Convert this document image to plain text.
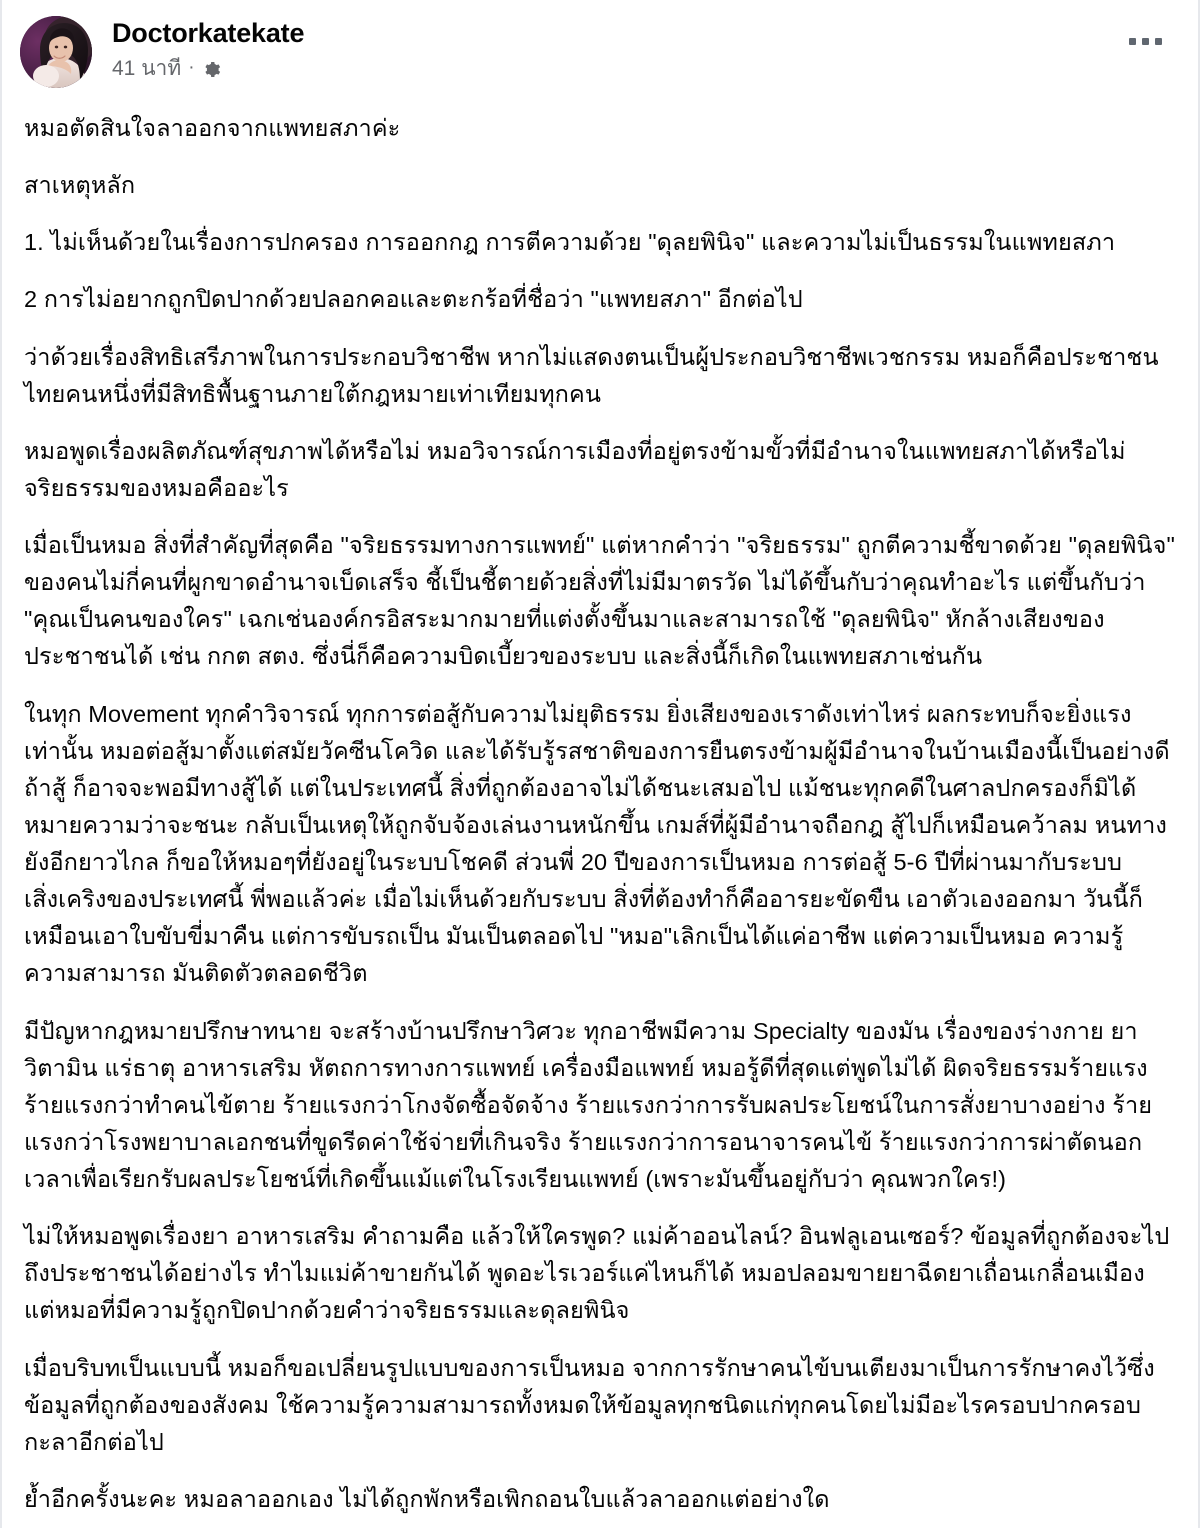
Doctorkatekate
41 นาที ·

หมอตัดสินใจลาออกจากแพทยสภาค่ะ

สาเหตุหลัก

1. ไม่เห็นด้วยในเรื่องการปกครอง การออกกฎ การตีความด้วย "ดุลยพินิจ" และความไม่เป็นธรรมในแพทยสภา

2 การไม่อยากถูกปิดปากด้วยปลอกคอและตะกร้อที่ชื่อว่า "แพทยสภา" อีกต่อไป

ว่าด้วยเรื่องสิทธิเสรีภาพในการประกอบวิชาชีพ หากไม่แสดงตนเป็นผู้ประกอบวิชาชีพเวชกรรม หมอก็คือประชาชนไทยคนหนึ่งที่มีสิทธิพื้นฐานภายใต้กฎหมายเท่าเทียมทุกคน

หมอพูดเรื่องผลิตภัณฑ์สุขภาพได้หรือไม่ หมอวิจารณ์การเมืองที่อยู่ตรงข้ามขั้วที่มีอำนาจในแพทยสภาได้หรือไม่ จริยธรรมของหมอคืออะไร

เมื่อเป็นหมอ สิ่งที่สำคัญที่สุดคือ "จริยธรรมทางการแพทย์" แต่หากคำว่า "จริยธรรม" ถูกตีความชี้ขาดด้วย "ดุลยพินิจ" ของคนไม่กี่คนที่ผูกขาดอำนาจเบ็ดเสร็จ ชี้เป็นชี้ตายด้วยสิ่งที่ไม่มีมาตรวัด ไม่ได้ขึ้นกับว่าคุณทำอะไร แต่ขึ้นกับว่า "คุณเป็นคนของใคร" เฉกเช่นองค์กรอิสระมากมายที่แต่งตั้งขึ้นมาและสามารถใช้ "ดุลยพินิจ" หักล้างเสียงของประชาชนได้ เช่น กกต สตง. ซึ่งนี่ก็คือความบิดเบี้ยวของระบบ และสิ่งนี้ก็เกิดในแพทยสภาเช่นกัน

ในทุก Movement ทุกคำวิจารณ์ ทุกการต่อสู้กับความไม่ยุติธรรม ยิ่งเสียงของเราดังเท่าไหร่ ผลกระทบก็จะยิ่งแรงเท่านั้น หมอต่อสู้มาตั้งแต่สมัยวัคซีนโควิด และได้รับรู้รสชาติของการยืนตรงข้ามผู้มีอำนาจในบ้านเมืองนี้เป็นอย่างดี ถ้าสู้ ก็อาจจะพอมีทางสู้ได้ แต่ในประเทศนี้ สิ่งที่ถูกต้องอาจไม่ได้ชนะเสมอไป แม้ชนะทุกคดีในศาลปกครองก็มิได้หมายความว่าจะชนะ กลับเป็นเหตุให้ถูกจับจ้องเล่นงานหนักขึ้น เกมส์ที่ผู้มีอำนาจถือกฎ สู้ไปก็เหมือนคว้าลม หนทางยังอีกยาวไกล ก็ขอให้หมอๆที่ยังอยู่ในระบบโชคดี ส่วนพี่ 20 ปีของการเป็นหมอ การต่อสู้ 5-6 ปีที่ผ่านมากับระบบเสิ่งเคริงของประเทศนี้ พี่พอแล้วค่ะ เมื่อไม่เห็นด้วยกับระบบ สิ่งที่ต้องทำก็คืออารยะขัดขืน เอาตัวเองออกมา วันนี้ก็เหมือนเอาใบขับขี่มาคืน แต่การขับรถเป็น มันเป็นตลอดไป "หมอ"เลิกเป็นได้แค่อาชีพ แต่ความเป็นหมอ ความรู้ความสามารถ มันติดตัวตลอดชีวิต

มีปัญหากฎหมายปรึกษาทนาย จะสร้างบ้านปรึกษาวิศวะ ทุกอาชีพมีความ Specialty ของมัน เรื่องของร่างกาย ยา วิตามิน แร่ธาตุ อาหารเสริม หัตถการทางการแพทย์ เครื่องมือแพทย์ หมอรู้ดีที่สุดแต่พูดไม่ได้ ผิดจริยธรรมร้ายแรง ร้ายแรงกว่าทำคนไข้ตาย ร้ายแรงกว่าโกงจัดซื้อจัดจ้าง ร้ายแรงกว่าการรับผลประโยชน์ในการสั่งยาบางอย่าง ร้ายแรงกว่าโรงพยาบาลเอกชนที่ขูดรีดค่าใช้จ่ายที่เกินจริง ร้ายแรงกว่าการอนาจารคนไข้ ร้ายแรงกว่าการผ่าตัดนอกเวลาเพื่อเรียกรับผลประโยชน์ที่เกิดขึ้นแม้แต่ในโรงเรียนแพทย์ (เพราะมันขึ้นอยู่กับว่า คุณพวกใคร!)

ไม่ให้หมอพูดเรื่องยา อาหารเสริม คำถามคือ แล้วให้ใครพูด? แม่ค้าออนไลน์? อินฟลูเอนเซอร์? ข้อมูลที่ถูกต้องจะไปถึงประชาชนได้อย่างไร ทำไมแม่ค้าขายกันได้ พูดอะไรเวอร์แค่ไหนก็ได้ หมอปลอมขายยาฉีดยาเถื่อนเกลื่อนเมือง แต่หมอที่มีความรู้ถูกปิดปากด้วยคำว่าจริยธรรมและดุลยพินิจ

เมื่อบริบทเป็นแบบนี้ หมอก็ขอเปลี่ยนรูปแบบของการเป็นหมอ จากการรักษาคนไข้บนเตียงมาเป็นการรักษาคงไว้ซึ่งข้อมูลที่ถูกต้องของสังคม ใช้ความรู้ความสามารถทั้งหมดให้ข้อมูลทุกชนิดแก่ทุกคนโดยไม่มีอะไรครอบปากครอบกะลาอีกต่อไป

ย้ำอีกครั้งนะคะ หมอลาออกเอง ไม่ได้ถูกพักหรือเพิกถอนใบแล้วลาออกแต่อย่างใด
